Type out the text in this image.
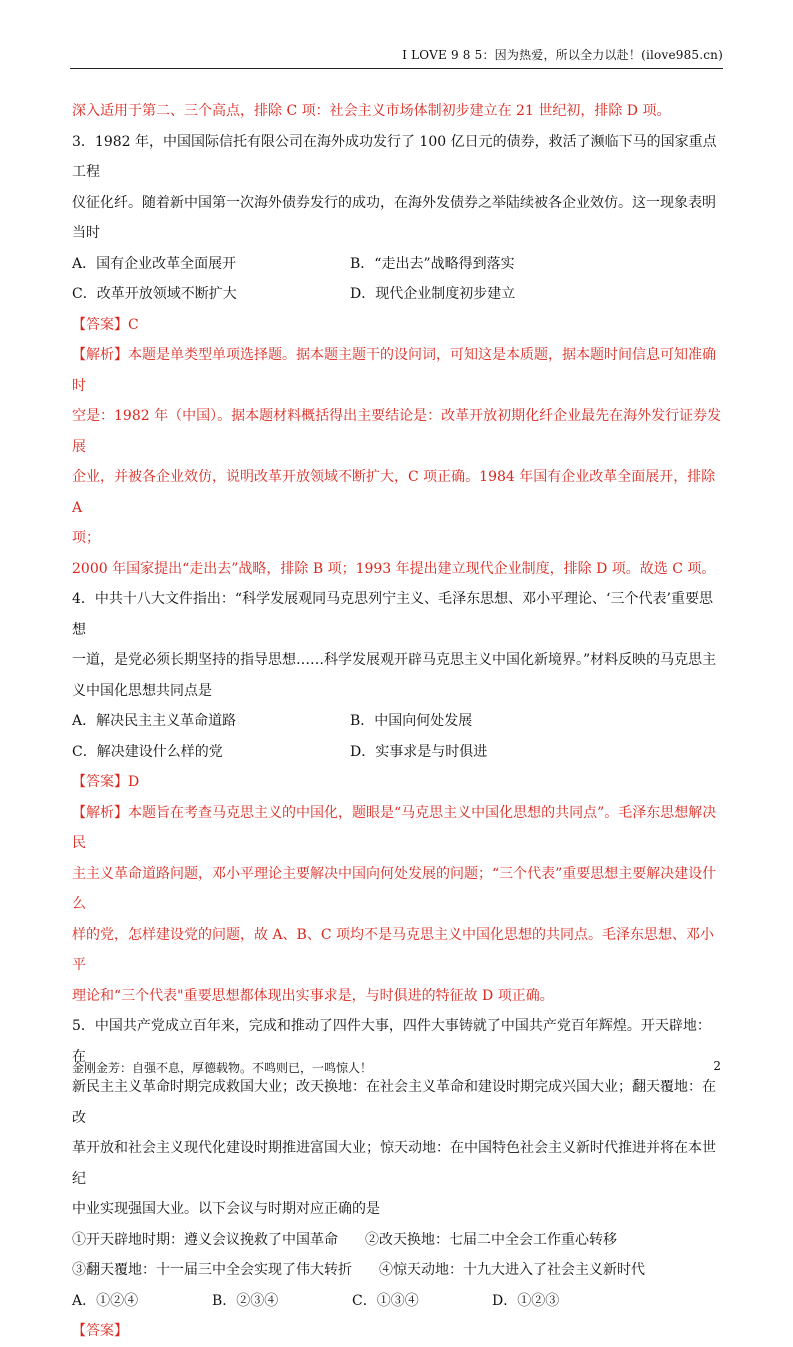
I LOVE 9 8 5：因为热爱，所以全力以赴！(ilove985.cn)

深入适用于第二、三个高点，排除 C 项：社会主义市场体制初步建立在 21 世纪初，排除 D 项。

3．1982 年，中国国际信托有限公司在海外成功发行了 100 亿日元的债券，救活了濒临下马的国家重点工程

仪征化纤。随着新中国第一次海外债券发行的成功，在海外发债券之举陆续被各企业效仿。这一现象表明

当时

A．国有企业改革全面展开	B．“走出去”战略得到落实
C．改革开放领域不断扩大	D．现代企业制度初步建立

【答案】C

【解析】本题是单类型单项选择题。据本题主题干的设问词，可知这是本质题，据本题时间信息可知准确时

空是：1982 年（中国）。据本题材料概括得出主要结论是：改革开放初期化纤企业最先在海外发行证券发展

企业，并被各企业效仿，说明改革开放领域不断扩大，C 项正确。1984 年国有企业改革全面展开，排除 A

项；

2000 年国家提出“走出去”战略，排除 B 项；1993 年提出建立现代企业制度，排除 D 项。故选 C 项。

4．中共十八大文件指出：“科学发展观同马克思列宁主义、毛泽东思想、邓小平理论、‘三个代表’重要思想

一道，是党必须长期坚持的指导思想……科学发展观开辟马克思主义中国化新境界。”材料反映的马克思主

义中国化思想共同点是

A．解决民主主义革命道路	B．中国向何处发展
C．解决建设什么样的党	D．实事求是与时俱进

【答案】D

【解析】本题旨在考查马克思主义的中国化，题眼是“马克思主义中国化思想的共同点”。毛泽东思想解决民

主主义革命道路问题，邓小平理论主要解决中国向何处发展的问题；“三个代表”重要思想主要解决建设什么

样的党，怎样建设党的问题，故 A、B、C 项均不是马克思主义中国化思想的共同点。毛泽东思想、邓小平

理论和“三个代表"重要思想都体现出实事求是，与时俱进的特征故 D 项正确。

5．中国共产党成立百年来，完成和推动了四件大事，四件大事铸就了中国共产党百年辉煌。开天辟地：在

新民主主义革命时期完成救国大业；改天换地：在社会主义革命和建设时期完成兴国大业；翻天覆地：在改

革开放和社会主义现代化建设时期推进富国大业；惊天动地：在中国特色社会主义新时代推进并将在本世纪

中业实现强国大业。以下会议与时期对应正确的是

①开天辟地时期：遵义会议挽救了中国革命	②改天换地：七届二中全会工作重心转移
③翻天覆地：十一届三中全会实现了伟大转折	④惊天动地：十九大进入了社会主义新时代
A．①②④	B．②③④	C．①③④	D．①②③

【答案】

金刚金芳：自强不息，厚德载物。不鸣则已，一鸣惊人！	2
